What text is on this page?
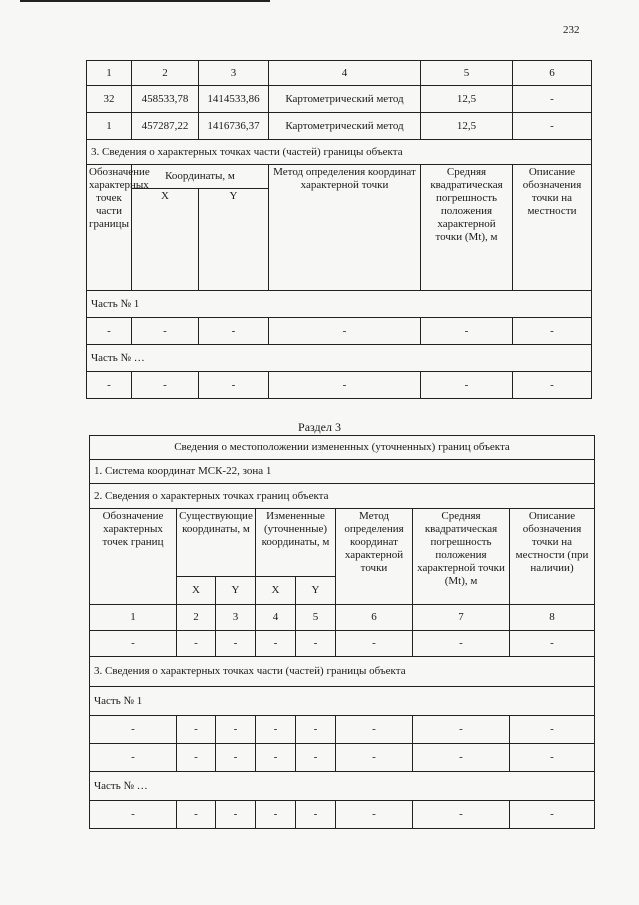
232
1	2	3	4	5	6
32	458533,78	1414533,86	Картометрический метод	12,5	-
1	457287,22	1416736,37	Картометрический метод	12,5	-
3. Сведения о характерных точках части (частей) границы объекта					
Обозначение характерных точек части границы	Координаты, м		Метод определения координат характерной точки	Средняя квадратическая погрешность положения характерной точки (Mt), м	Описание обозначения точки на местности
	X	Y			
Часть № 1					
-	-	-	-	-	-
Часть № …					
-	-	-	-	-	-
Раздел 3
Сведения о местоположении измененных (уточненных) границ объекта							
1. Система координат МСК-22, зона 1							
2. Сведения о характерных точках границ объекта							
Обозначение характерных точек границ	Существующие координаты, м		Измененные (уточненные) координаты, м		Метод определения координат характерной точки	Средняя квадратическая погрешность положения характерной точки (Mt), м	Описание обозначения точки на местности (при наличии)
	X	Y	X	Y			
1	2	3	4	5	6	7	8
-	-	-	-	-	-	-	-
3. Сведения о характерных точках части (частей) границы объекта							
Часть № 1							
-	-	-	-	-	-	-	-
-	-	-	-	-	-	-	-
Часть № …							
-	-	-	-	-	-	-	-
